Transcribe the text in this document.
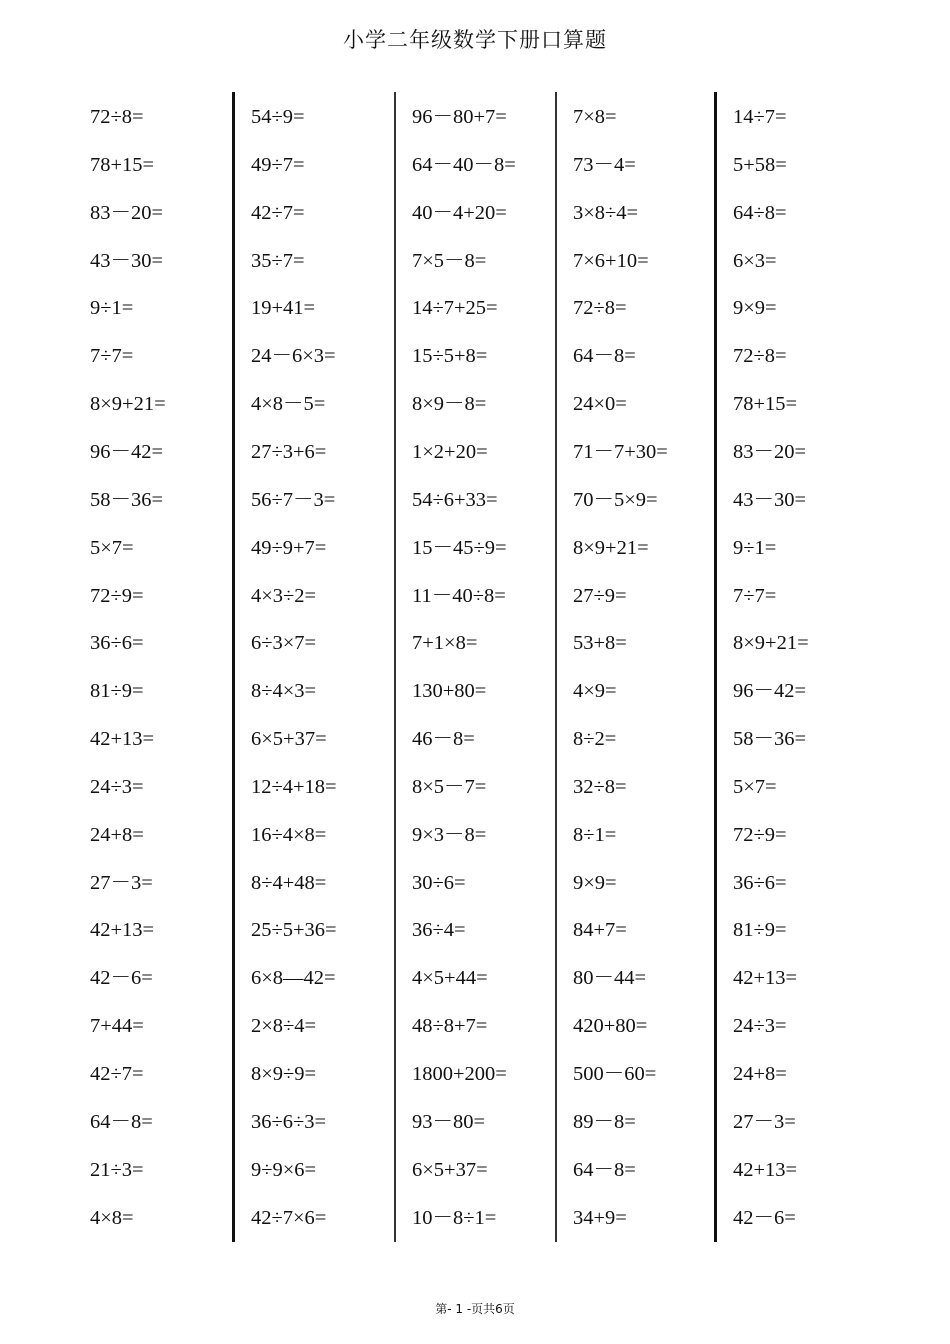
小学二年级数学下册口算题
72÷8=
78+15=
83－20=
43－30=
9÷1=
7÷7=
8×9+21=
96－42=
58－36=
5×7=
72÷9=
36÷6=
81÷9=
42+13=
24÷3=
24+8=
27－3=
42+13=
42－6=
7+44=
42÷7=
64－8=
21÷3=
4×8=
54÷9=
49÷7=
42÷7=
35÷7=
19+41=
24－6×3=
4×8－5=
27÷3+6=
56÷7－3=
49÷9+7=
4×3÷2=
6÷3×7=
8÷4×3=
6×5+37=
12÷4+18=
16÷4×8=
8÷4+48=
25÷5+36=
6×8—42=
2×8÷4=
8×9÷9=
36÷6÷3=
9÷9×6=
42÷7×6=
96－80+7=
64－40－8=
40－4+20=
7×5－8=
14÷7+25=
15÷5+8=
8×9－8=
1×2+20=
54÷6+33=
15－45÷9=
11－40÷8=
7+1×8=
130+80=
46－8=
8×5－7=
9×3－8=
30÷6=
36÷4=
4×5+44=
48÷8+7=
1800+200=
93－80=
6×5+37=
10－8÷1=
7×8=
73－4=
3×8÷4=
7×6+10=
72÷8=
64－8=
24×0=
71－7+30=
70－5×9=
8×9+21=
27÷9=
53+8=
4×9=
8÷2=
32÷8=
8÷1=
9×9=
84+7=
80－44=
420+80=
500－60=
89－8=
64－8=
34+9=
14÷7=
5+58=
64÷8=
6×3=
9×9=
72÷8=
78+15=
83－20=
43－30=
9÷1=
7÷7=
8×9+21=
96－42=
58－36=
5×7=
72÷9=
36÷6=
81÷9=
42+13=
24÷3=
24+8=
27－3=
42+13=
42－6=
第- 1 -页共6页
